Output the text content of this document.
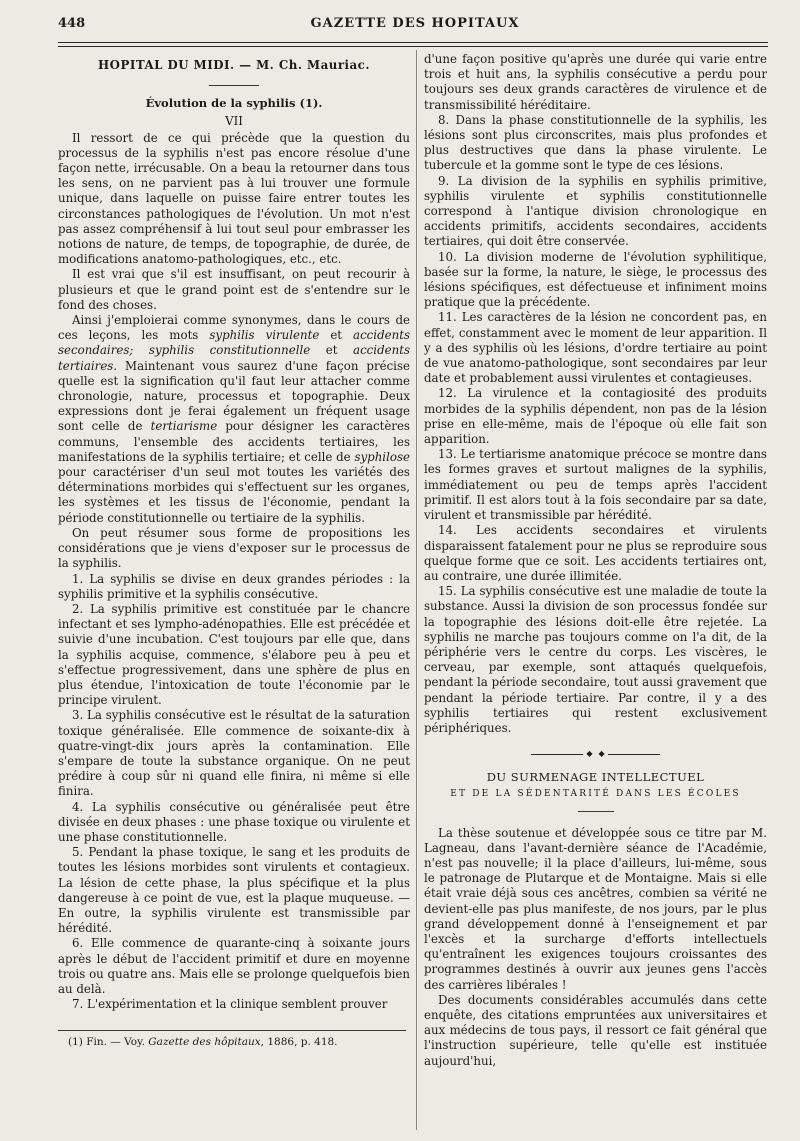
448	GAZETTE DES HOPITAUX

HOPITAL DU MIDI. — M. Ch. Mauriac.

Évolution de la syphilis (1).

VII

Il ressort de ce qui précède que la question du processus de la syphilis n'est pas encore résolue d'une façon nette, irrécusable. On a beau la retourner dans tous les sens, on ne parvient pas à lui trouver une formule unique, dans laquelle on puisse faire entrer toutes les circonstances pathologiques de l'évolution. Un mot n'est pas assez compréhensif à lui tout seul pour embrasser les notions de nature, de temps, de topographie, de durée, de modifications anatomo-pathologiques, etc., etc.

Il est vrai que s'il est insuffisant, on peut recourir à plusieurs et que le grand point est de s'entendre sur le fond des choses.

Ainsi j'emploierai comme synonymes, dans le cours de ces leçons, les mots syphilis virulente et accidents secondaires; syphilis constitutionnelle et accidents tertiaires. Maintenant vous saurez d'une façon précise quelle est la signification qu'il faut leur attacher comme chronologie, nature, processus et topographie. Deux expressions dont je ferai également un fréquent usage sont celle de tertiarisme pour désigner les caractères communs, l'ensemble des accidents tertiaires, les manifestations de la syphilis tertiaire; et celle de syphilose pour caractériser d'un seul mot toutes les variétés des déterminations morbides qui s'effectuent sur les organes, les systèmes et les tissus de l'économie, pendant la période constitutionnelle ou tertiaire de la syphilis.

On peut résumer sous forme de propositions les considérations que je viens d'exposer sur le processus de la syphilis.

1. La syphilis se divise en deux grandes périodes : la syphilis primitive et la syphilis consécutive.

2. La syphilis primitive est constituée par le chancre infectant et ses lympho-adénopathies. Elle est précédée et suivie d'une incubation. C'est toujours par elle que, dans la syphilis acquise, commence, s'élabore peu à peu et s'effectue progressivement, dans une sphère de plus en plus étendue, l'intoxication de toute l'économie par le principe virulent.

3. La syphilis consécutive est le résultat de la saturation toxique généralisée. Elle commence de soixante-dix à quatre-vingt-dix jours après la contamination. Elle s'empare de toute la substance organique. On ne peut prédire à coup sûr ni quand elle finira, ni même si elle finira.

4. La syphilis consécutive ou généralisée peut être divisée en deux phases : une phase toxique ou virulente et une phase constitutionnelle.

5. Pendant la phase toxique, le sang et les produits de toutes les lésions morbides sont virulents et contagieux. La lésion de cette phase, la plus spécifique et la plus dangereuse à ce point de vue, est la plaque muqueuse. — En outre, la syphilis virulente est transmissible par hérédité.

6. Elle commence de quarante-cinq à soixante jours après le début de l'accident primitif et dure en moyenne trois ou quatre ans. Mais elle se prolonge quelquefois bien au delà.

7. L'expérimentation et la clinique semblent prouver

(1) Fin. — Voy. Gazette des hôpitaux, 1886, p. 418.

d'une façon positive qu'après une durée qui varie entre trois et huit ans, la syphilis consécutive a perdu pour toujours ses deux grands caractères de virulence et de transmissibilité héréditaire.

8. Dans la phase constitutionnelle de la syphilis, les lésions sont plus circonscrites, mais plus profondes et plus destructives que dans la phase virulente. Le tubercule et la gomme sont le type de ces lésions.

9. La division de la syphilis en syphilis primitive, syphilis virulente et syphilis constitutionnelle correspond à l'antique division chronologique en accidents primitifs, accidents secondaires, accidents tertiaires, qui doit être conservée.

10. La division moderne de l'évolution syphilitique, basée sur la forme, la nature, le siège, le processus des lésions spécifiques, est défectueuse et infiniment moins pratique que la précédente.

11. Les caractères de la lésion ne concordent pas, en effet, constamment avec le moment de leur apparition. Il y a des syphilis où les lésions, d'ordre tertiaire au point de vue anatomo-pathologique, sont secondaires par leur date et probablement aussi virulentes et contagieuses.

12. La virulence et la contagiosité des produits morbides de la syphilis dépendent, non pas de la lésion prise en elle-même, mais de l'époque où elle fait son apparition.

13. Le tertiarisme anatomique précoce se montre dans les formes graves et surtout malignes de la syphilis, immédiatement ou peu de temps après l'accident primitif. Il est alors tout à la fois secondaire par sa date, virulent et transmissible par hérédité.

14. Les accidents secondaires et virulents disparaissent fatalement pour ne plus se reproduire sous quelque forme que ce soit. Les accidents tertiaires ont, au contraire, une durée illimitée.

15. La syphilis consécutive est une maladie de toute la substance. Aussi la division de son processus fondée sur la topographie des lésions doit-elle être rejetée. La syphilis ne marche pas toujours comme on l'a dit, de la périphérie vers le centre du corps. Les viscères, le cerveau, par exemple, sont attaqués quelquefois, pendant la période secondaire, tout aussi gravement que pendant la période tertiaire. Par contre, il y a des syphilis tertiaires qui restent exclusivement périphériques.

◆ ◆

DU SURMENAGE INTELLECTUEL

ET DE LA SÉDENTARITÉ DANS LES ÉCOLES

La thèse soutenue et développée sous ce titre par M. Lagneau, dans l'avant-dernière séance de l'Académie, n'est pas nouvelle; il la place d'ailleurs, lui-même, sous le patronage de Plutarque et de Montaigne. Mais si elle était vraie déjà sous ces ancêtres, combien sa vérité ne devient-elle pas plus manifeste, de nos jours, par le plus grand développement donné à l'enseignement et par l'excès et la surcharge d'efforts intellectuels qu'entraînent les exigences toujours croissantes des programmes destinés à ouvrir aux jeunes gens l'accès des carrières libérales !

Des documents considérables accumulés dans cette enquête, des citations empruntées aux universitaires et aux médecins de tous pays, il ressort ce fait général que l'instruction supérieure, telle qu'elle est instituée aujourd'hui,
